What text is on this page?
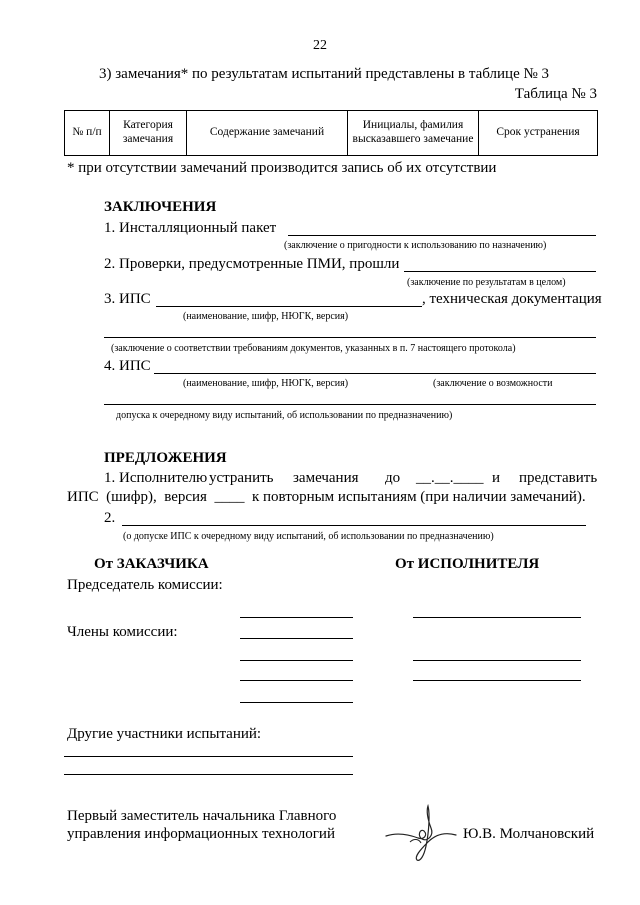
22
3) замечания* по результатам испытаний представлены в таблице № 3
Таблица № 3
№ п/п	Категория замечания	Содержание замечаний	Инициалы, фамилия высказавшего замечание	Срок устранения
* при отсутствии замечаний производится запись об их отсутствии
ЗАКЛЮЧЕНИЯ
1. Инсталляционный пакет
(заключение о пригодности к использованию по назначению)
2. Проверки, предусмотренные ПМИ, прошли
(заключение по результатам в целом)
3. ИПС	, техническая документация
(наименование, шифр, НЮГК, версия)
(заключение о соответствии требованиям документов, указанных в п. 7 настоящего протокола)
4. ИПС
(наименование, шифр, НЮГК, версия)	(заключение о возможности
допуска к очередному виду испытаний, об использовании по предназначению)
ПРЕДЛОЖЕНИЯ
1. Исполнителю устранить замечания до __.__.____ и представить
ИПС  (шифр),  версия  ____  к повторным испытаниям (при наличии замечаний).
2.
(о допуске ИПС к очередному виду испытаний, об использовании по предназначению)
От ЗАКАЗЧИКА	От ИСПОЛНИТЕЛЯ
Председатель комиссии:
Члены комиссии:
Другие участники испытаний:
Первый заместитель начальника Главного
управления информационных технологий	Ю.В. Молчановский
